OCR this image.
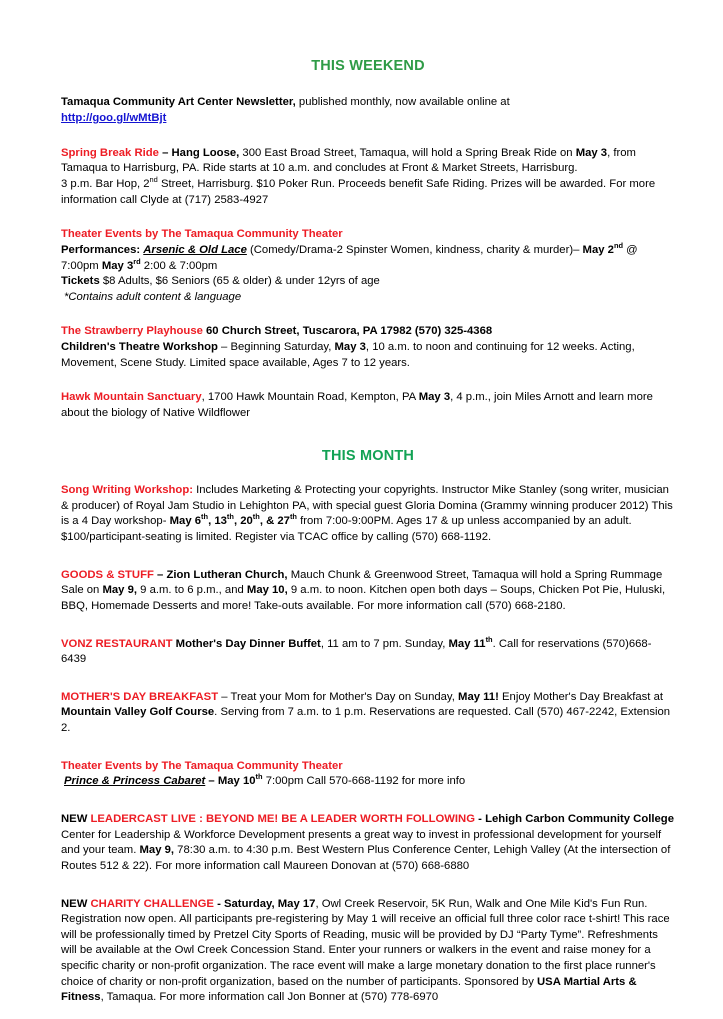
THIS WEEKEND
Tamaqua Community Art Center Newsletter, published monthly, now available online at
http://goo.gl/wMtBjt
Spring Break Ride – Hang Loose, 300 East Broad Street, Tamaqua, will hold a Spring Break Ride on May 3, from Tamaqua to Harrisburg, PA. Ride starts at 10 a.m. and concludes at Front & Market Streets, Harrisburg.
3 p.m. Bar Hop, 2nd Street, Harrisburg. $10 Poker Run. Proceeds benefit Safe Riding. Prizes will be awarded. For more information call Clyde at (717) 2583-4927
Theater Events by The Tamaqua Community Theater
Performances: Arsenic & Old Lace (Comedy/Drama-2 Spinster Women, kindness, charity & murder)– May 2nd @ 7:00pm May 3rd 2:00 & 7:00pm
Tickets $8 Adults, $6 Seniors (65 & older) & under 12yrs of age
*Contains adult content & language
The Strawberry Playhouse 60 Church Street, Tuscarora, PA 17982 (570) 325-4368
Children's Theatre Workshop – Beginning Saturday, May 3, 10 a.m. to noon and continuing for 12 weeks. Acting, Movement, Scene Study. Limited space available, Ages 7 to 12 years.
Hawk Mountain Sanctuary, 1700 Hawk Mountain Road, Kempton, PA May 3, 4 p.m., join Miles Arnott and learn more about the biology of Native Wildflower
THIS MONTH
Song Writing Workshop: Includes Marketing & Protecting your copyrights. Instructor Mike Stanley (song writer, musician & producer) of Royal Jam Studio in Lehighton PA, with special guest Gloria Domina (Grammy winning producer 2012) This is a 4 Day workshop- May 6th, 13th, 20th, & 27th from 7:00-9:00PM. Ages 17 & up unless accompanied by an adult. $100/participant-seating is limited. Register via TCAC office by calling (570) 668-1192.
GOODS & STUFF – Zion Lutheran Church, Mauch Chunk & Greenwood Street, Tamaqua will hold a Spring Rummage Sale on May 9, 9 a.m. to 6 p.m., and May 10, 9 a.m. to noon. Kitchen open both days – Soups, Chicken Pot Pie, Huluski, BBQ, Homemade Desserts and more! Take-outs available. For more information call (570) 668-2180.
VONZ RESTAURANT Mother's Day Dinner Buffet, 11 am to 7 pm. Sunday, May 11th. Call for reservations (570)668-6439
MOTHER'S DAY BREAKFAST – Treat your Mom for Mother's Day on Sunday, May 11! Enjoy Mother's Day Breakfast at Mountain Valley Golf Course. Serving from 7 a.m. to 1 p.m. Reservations are requested. Call (570) 467-2242, Extension 2.
Theater Events by The Tamaqua Community Theater
Prince & Princess Cabaret – May 10th 7:00pm Call 570-668-1192 for more info
NEW LEADERCAST LIVE : BEYOND ME! BE A LEADER WORTH FOLLOWING - Lehigh Carbon Community College Center for Leadership & Workforce Development presents a great way to invest in professional development for yourself and your team. May 9, 78:30 a.m. to 4:30 p.m. Best Western Plus Conference Center, Lehigh Valley (At the intersection of Routes 512 & 22). For more information call Maureen Donovan at (570) 668-6880
NEW CHARITY CHALLENGE - Saturday, May 17, Owl Creek Reservoir, 5K Run, Walk and One Mile Kid's Fun Run. Registration now open. All participants pre-registering by May 1 will receive an official full three color race t-shirt! This race will be professionally timed by Pretzel City Sports of Reading, music will be provided by DJ “Party Tyme”. Refreshments will be available at the Owl Creek Concession Stand. Enter your runners or walkers in the event and raise money for a specific charity or non-profit organization. The race event will make a large monetary donation to the first place runner's choice of charity or non-profit organization, based on the number of participants. Sponsored by USA Martial Arts & Fitness, Tamaqua. For more information call Jon Bonner at (570) 778-6970
